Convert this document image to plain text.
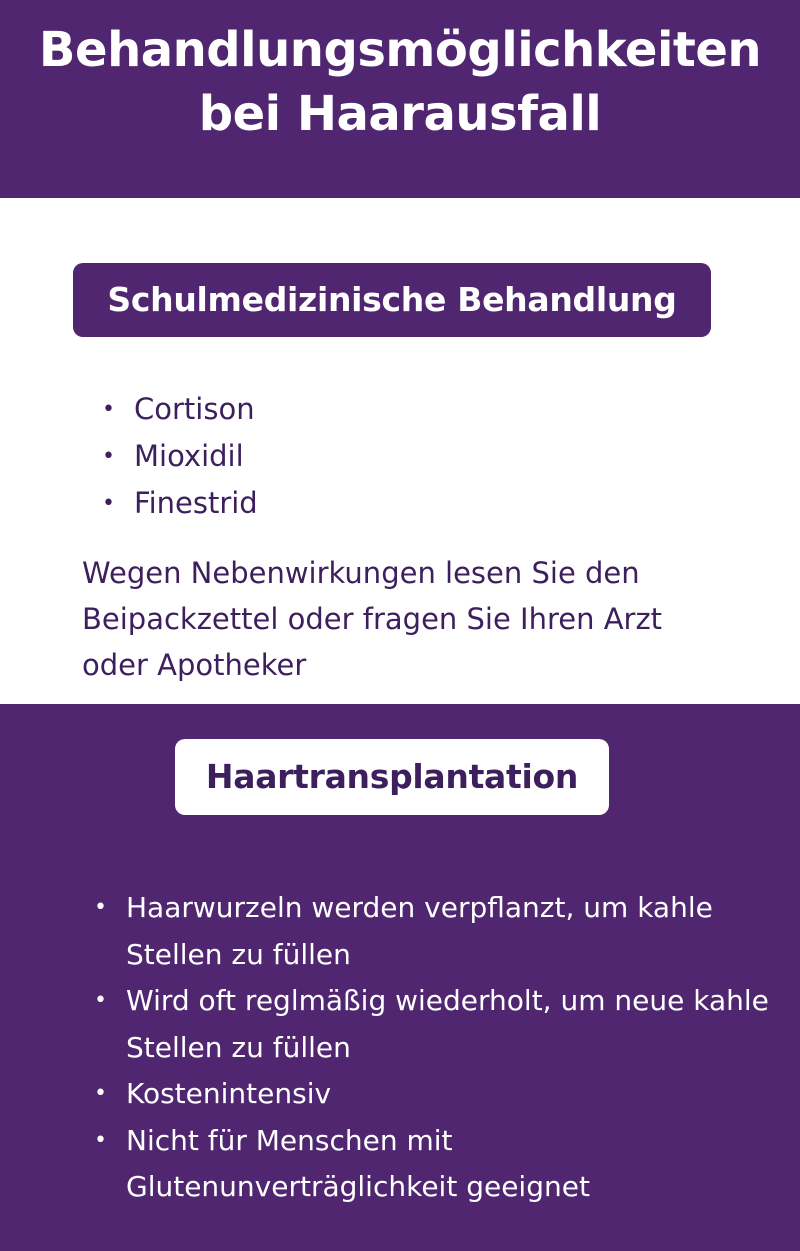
Behandlungsmöglichkeiten
bei Haarausfall
Schulmedizinische Behandlung
• Cortison
• Mioxidil
• Finestrid

Wegen Nebenwirkungen lesen Sie den Beipackzettel oder fragen Sie Ihren Arzt oder Apotheker

Haartransplantation
• Haarwurzeln werden verpflanzt, um kahle Stellen zu füllen
• Wird oft reglmäßig wiederholt, um neue kahle Stellen zu füllen
• Kostenintensiv
• Nicht für Menschen mit Glutenunverträglichkeit geeignet
